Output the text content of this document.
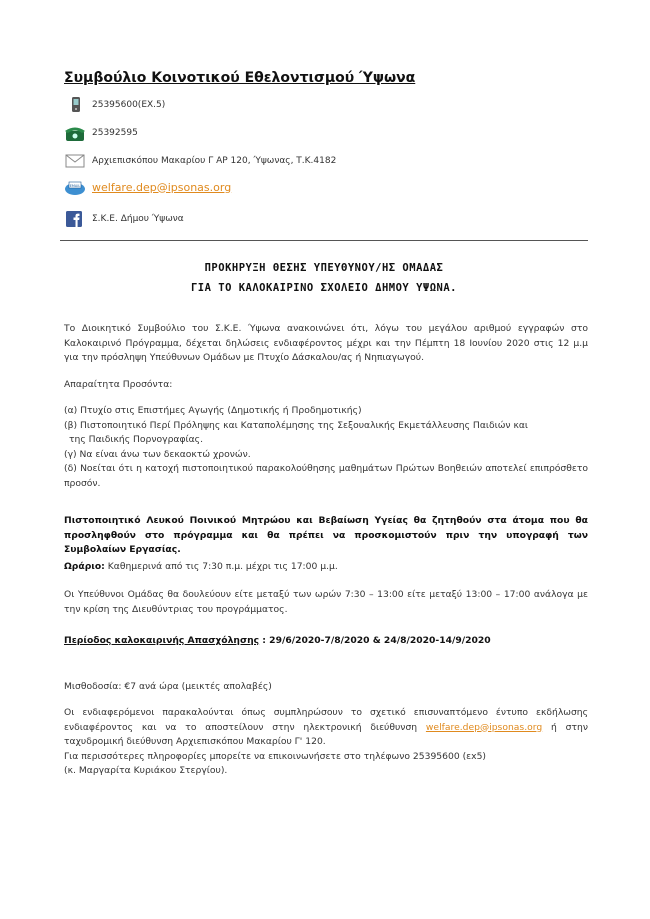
Συμβούλιο Κοινοτικού Εθελοντισμού Ύψωνα
25395600(EX.5)
25392595
Αρχιεπισκόπου Μακαρίου Γ ΑΡ 120, Ύψωνας, Τ.Κ.4182
EMAIL welfare.dep@ipsonas.org
Σ.Κ.Ε. Δήμου Ύψωνα
ΠΡΟΚΗΡΥΞΗ ΘΕΣΗΣ ΥΠΕΥΘΥΝΟΥ/ΗΣ ΟΜΑΔΑΣ
ΓΙΑ ΤΟ ΚΑΛΟΚΑΙΡΙΝΟ ΣΧΟΛΕΙΟ ΔΗΜΟΥ ΥΨΩΝΑ.
Το Διοικητικό Συμβούλιο του Σ.Κ.Ε. Ύψωνα ανακοινώνει ότι, λόγω του μεγάλου αριθμού εγγραφών στο Καλοκαιρινό Πρόγραμμα, δέχεται δηλώσεις ενδιαφέροντος μέχρι και την Πέμπτη 18 Ιουνίου 2020 στις 12 μ.μ για την πρόσληψη Υπεύθυνων Ομάδων με Πτυχίο Δάσκαλου/ας ή Νηπιαγωγού.
Απαραίτητα Προσόντα:
(α) Πτυχίο στις Επιστήμες Αγωγής (Δημοτικής ή Προδημοτικής)
(β) Πιστοποιητικό Περί Πρόληψης και Καταπολέμησης της Σεξουαλικής Εκμετάλλευσης Παιδιών και
της Παιδικής Πορνογραφίας.
(γ) Να είναι άνω των δεκαοκτώ χρονών.
(δ) Νοείται ότι η κατοχή πιστοποιητικού παρακολούθησης μαθημάτων Πρώτων Βοηθειών αποτελεί επιπρόσθετο προσόν.
Πιστοποιητικό Λευκού Ποινικού Μητρώου και Βεβαίωση Υγείας θα ζητηθούν στα άτομα που θα προσληφθούν στο πρόγραμμα και θα πρέπει να προσκομιστούν πριν την υπογραφή των Συμβολαίων Εργασίας.
Ωράριο: Καθημερινά από τις 7:30 π.μ. μέχρι τις 17:00 μ.μ.
Οι Υπεύθυνοι Ομάδας θα δουλεύουν είτε μεταξύ των ωρών 7:30 – 13:00 είτε μεταξύ 13:00 – 17:00 ανάλογα με την κρίση της Διευθύντριας του προγράμματος.
Περίοδος καλοκαιρινής Απασχόλησης : 29/6/2020-7/8/2020 & 24/8/2020-14/9/2020
Μισθοδοσία: €7 ανά ώρα (μεικτές απολαβές)
Οι ενδιαφερόμενοι παρακαλούνται όπως συμπληρώσουν το σχετικό επισυναπτόμενο έντυπο εκδήλωσης ενδιαφέροντος και να το αποστείλουν στην ηλεκτρονική διεύθυνση welfare.dep@ipsonas.org ή στην ταχυδρομική διεύθυνση Αρχιεπισκόπου Μακαρίου Γ' 120.
Για περισσότερες πληροφορίες μπορείτε να επικοινωνήσετε στο τηλέφωνο 25395600 (εx5)
(κ. Μαργαρίτα Κυριάκου Στεργίου).
